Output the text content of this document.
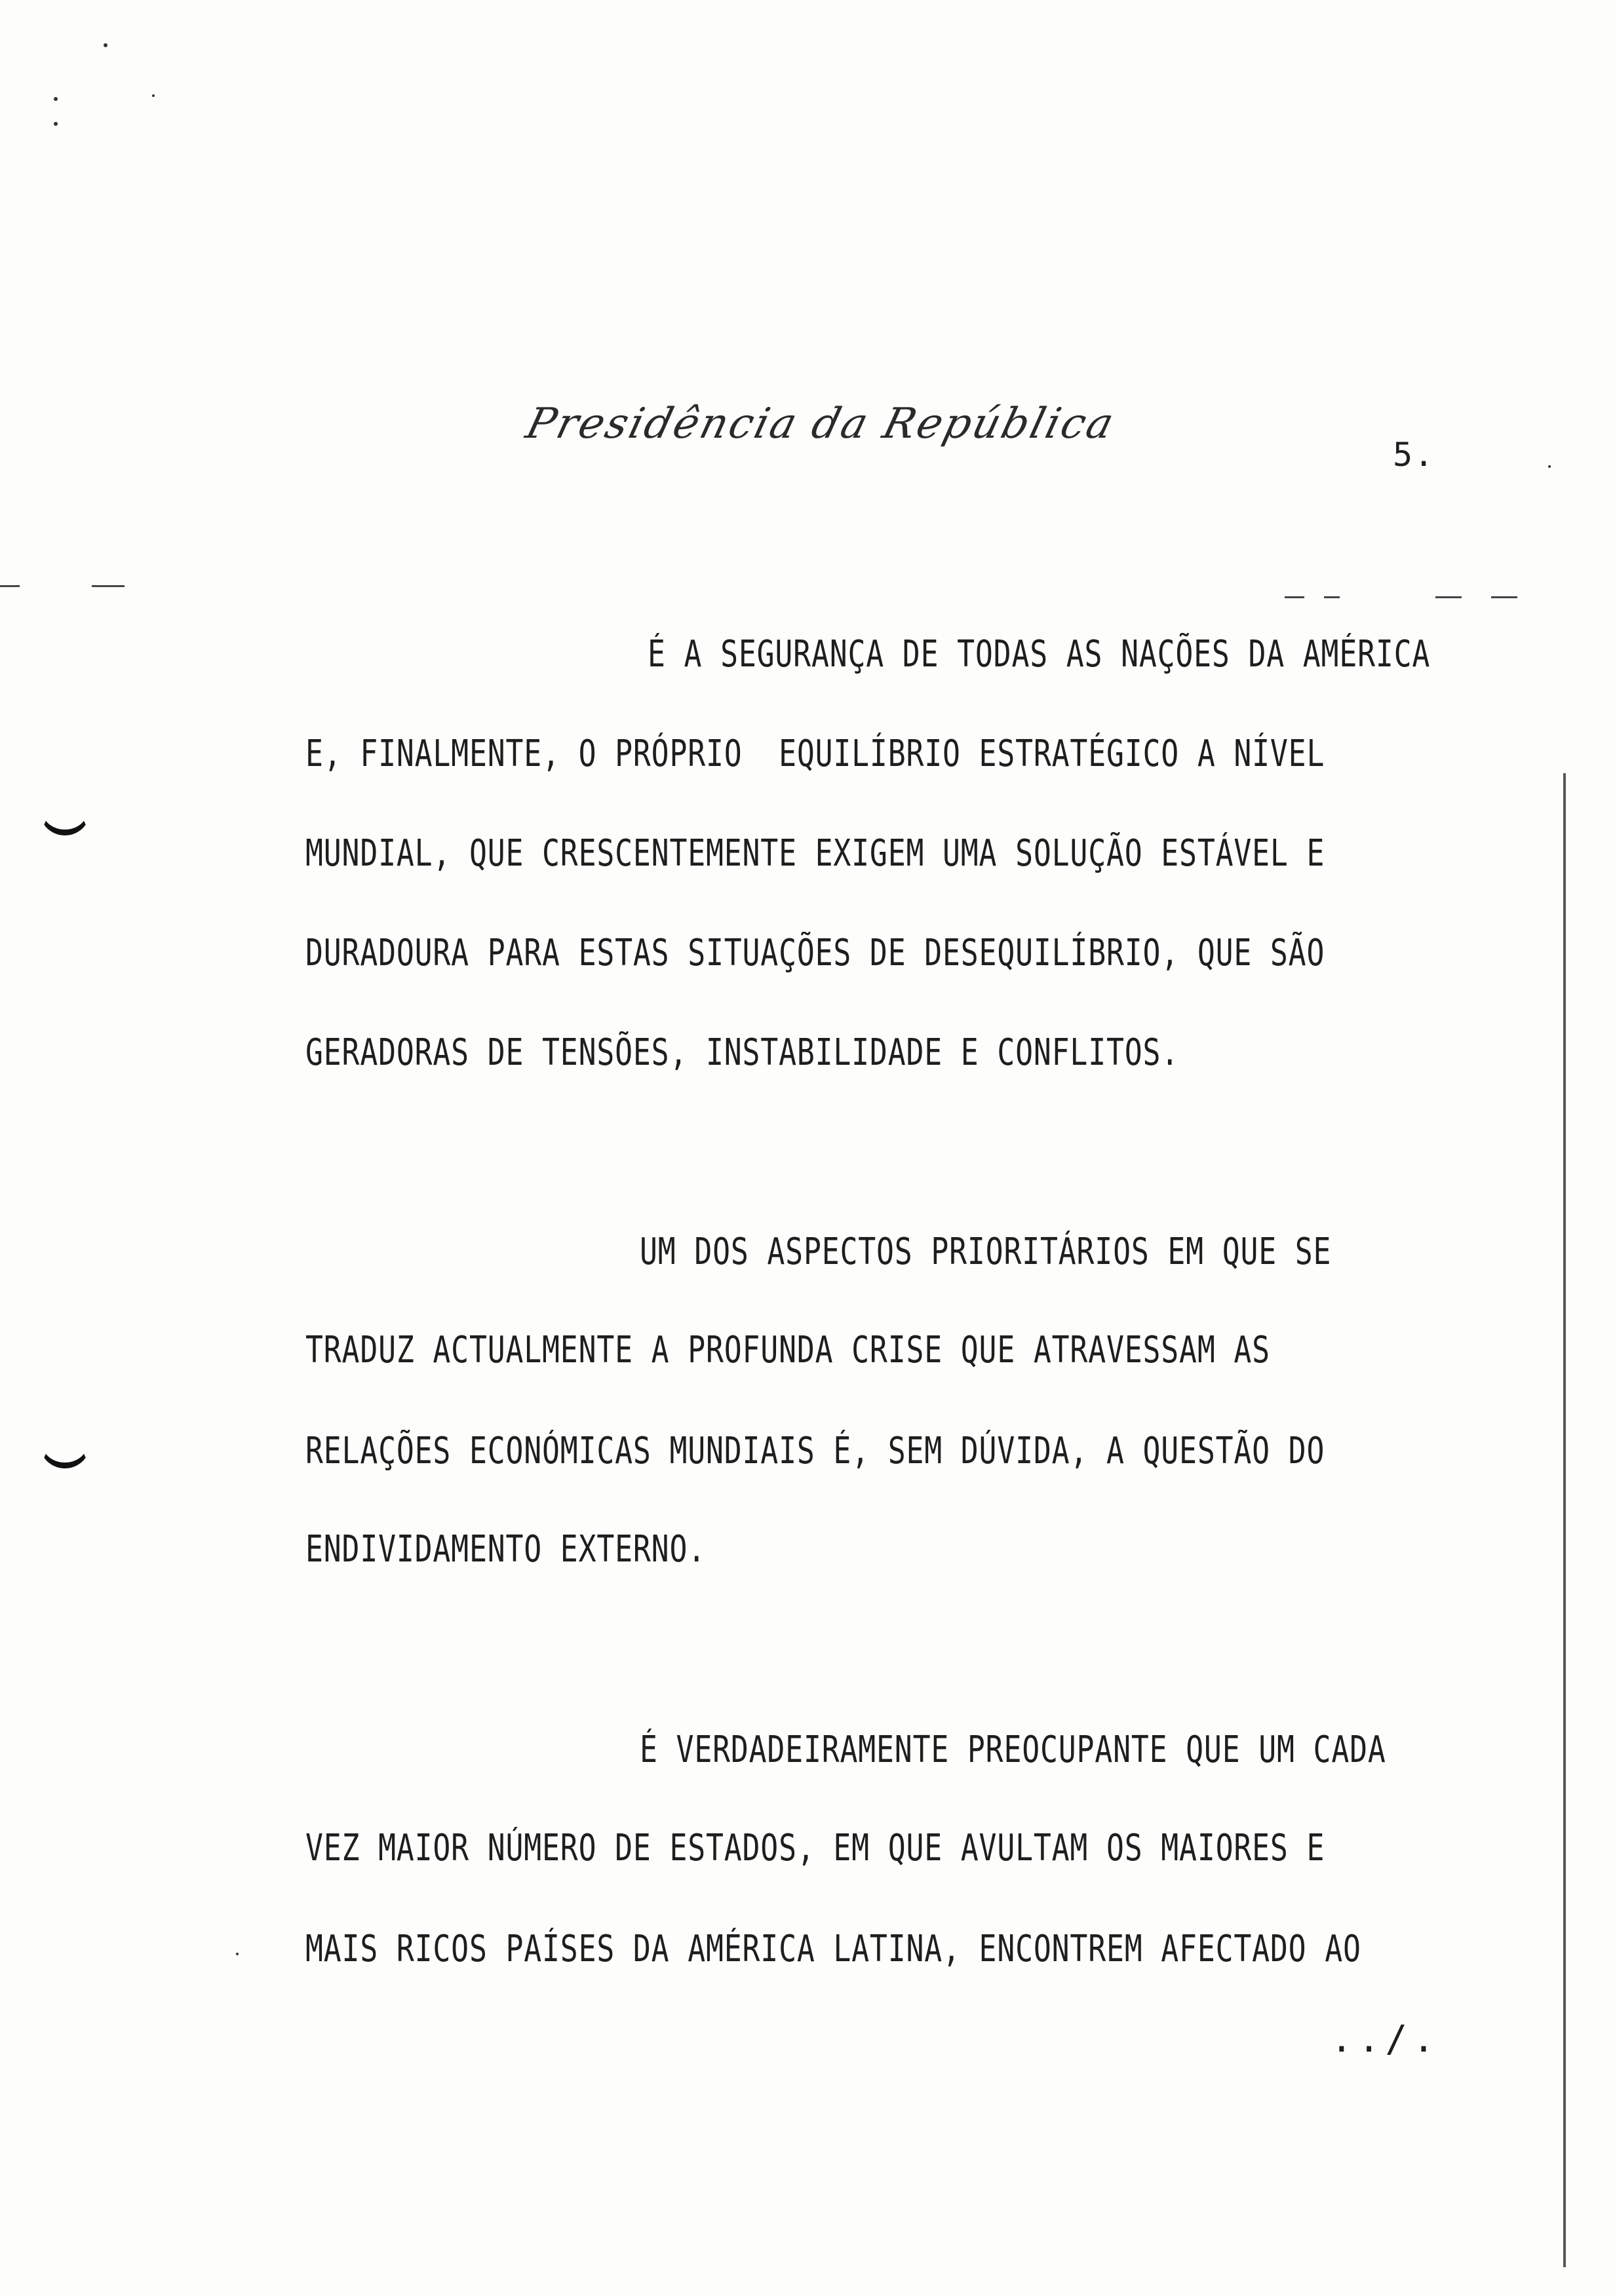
Presidência da República
5.
É A SEGURANÇA DE TODAS AS NAÇÕES DA AMÉRICA
E, FINALMENTE, O PRÓPRIO  EQUILÍBRIO ESTRATÉGICO A NÍVEL
MUNDIAL, QUE CRESCENTEMENTE EXIGEM UMA SOLUÇÃO ESTÁVEL E
DURADOURA PARA ESTAS SITUAÇÕES DE DESEQUILÍBRIO, QUE SÃO
GERADORAS DE TENSÕES, INSTABILIDADE E CONFLITOS.
UM DOS ASPECTOS PRIORITÁRIOS EM QUE SE
TRADUZ ACTUALMENTE A PROFUNDA CRISE QUE ATRAVESSAM AS
RELAÇÕES ECONÓMICAS MUNDIAIS É, SEM DÚVIDA, A QUESTÃO DO
ENDIVIDAMENTO EXTERNO.
É VERDADEIRAMENTE PREOCUPANTE QUE UM CADA
VEZ MAIOR NÚMERO DE ESTADOS, EM QUE AVULTAM OS MAIORES E
MAIS RICOS PAÍSES DA AMÉRICA LATINA, ENCONTREM AFECTADO AO
../.
